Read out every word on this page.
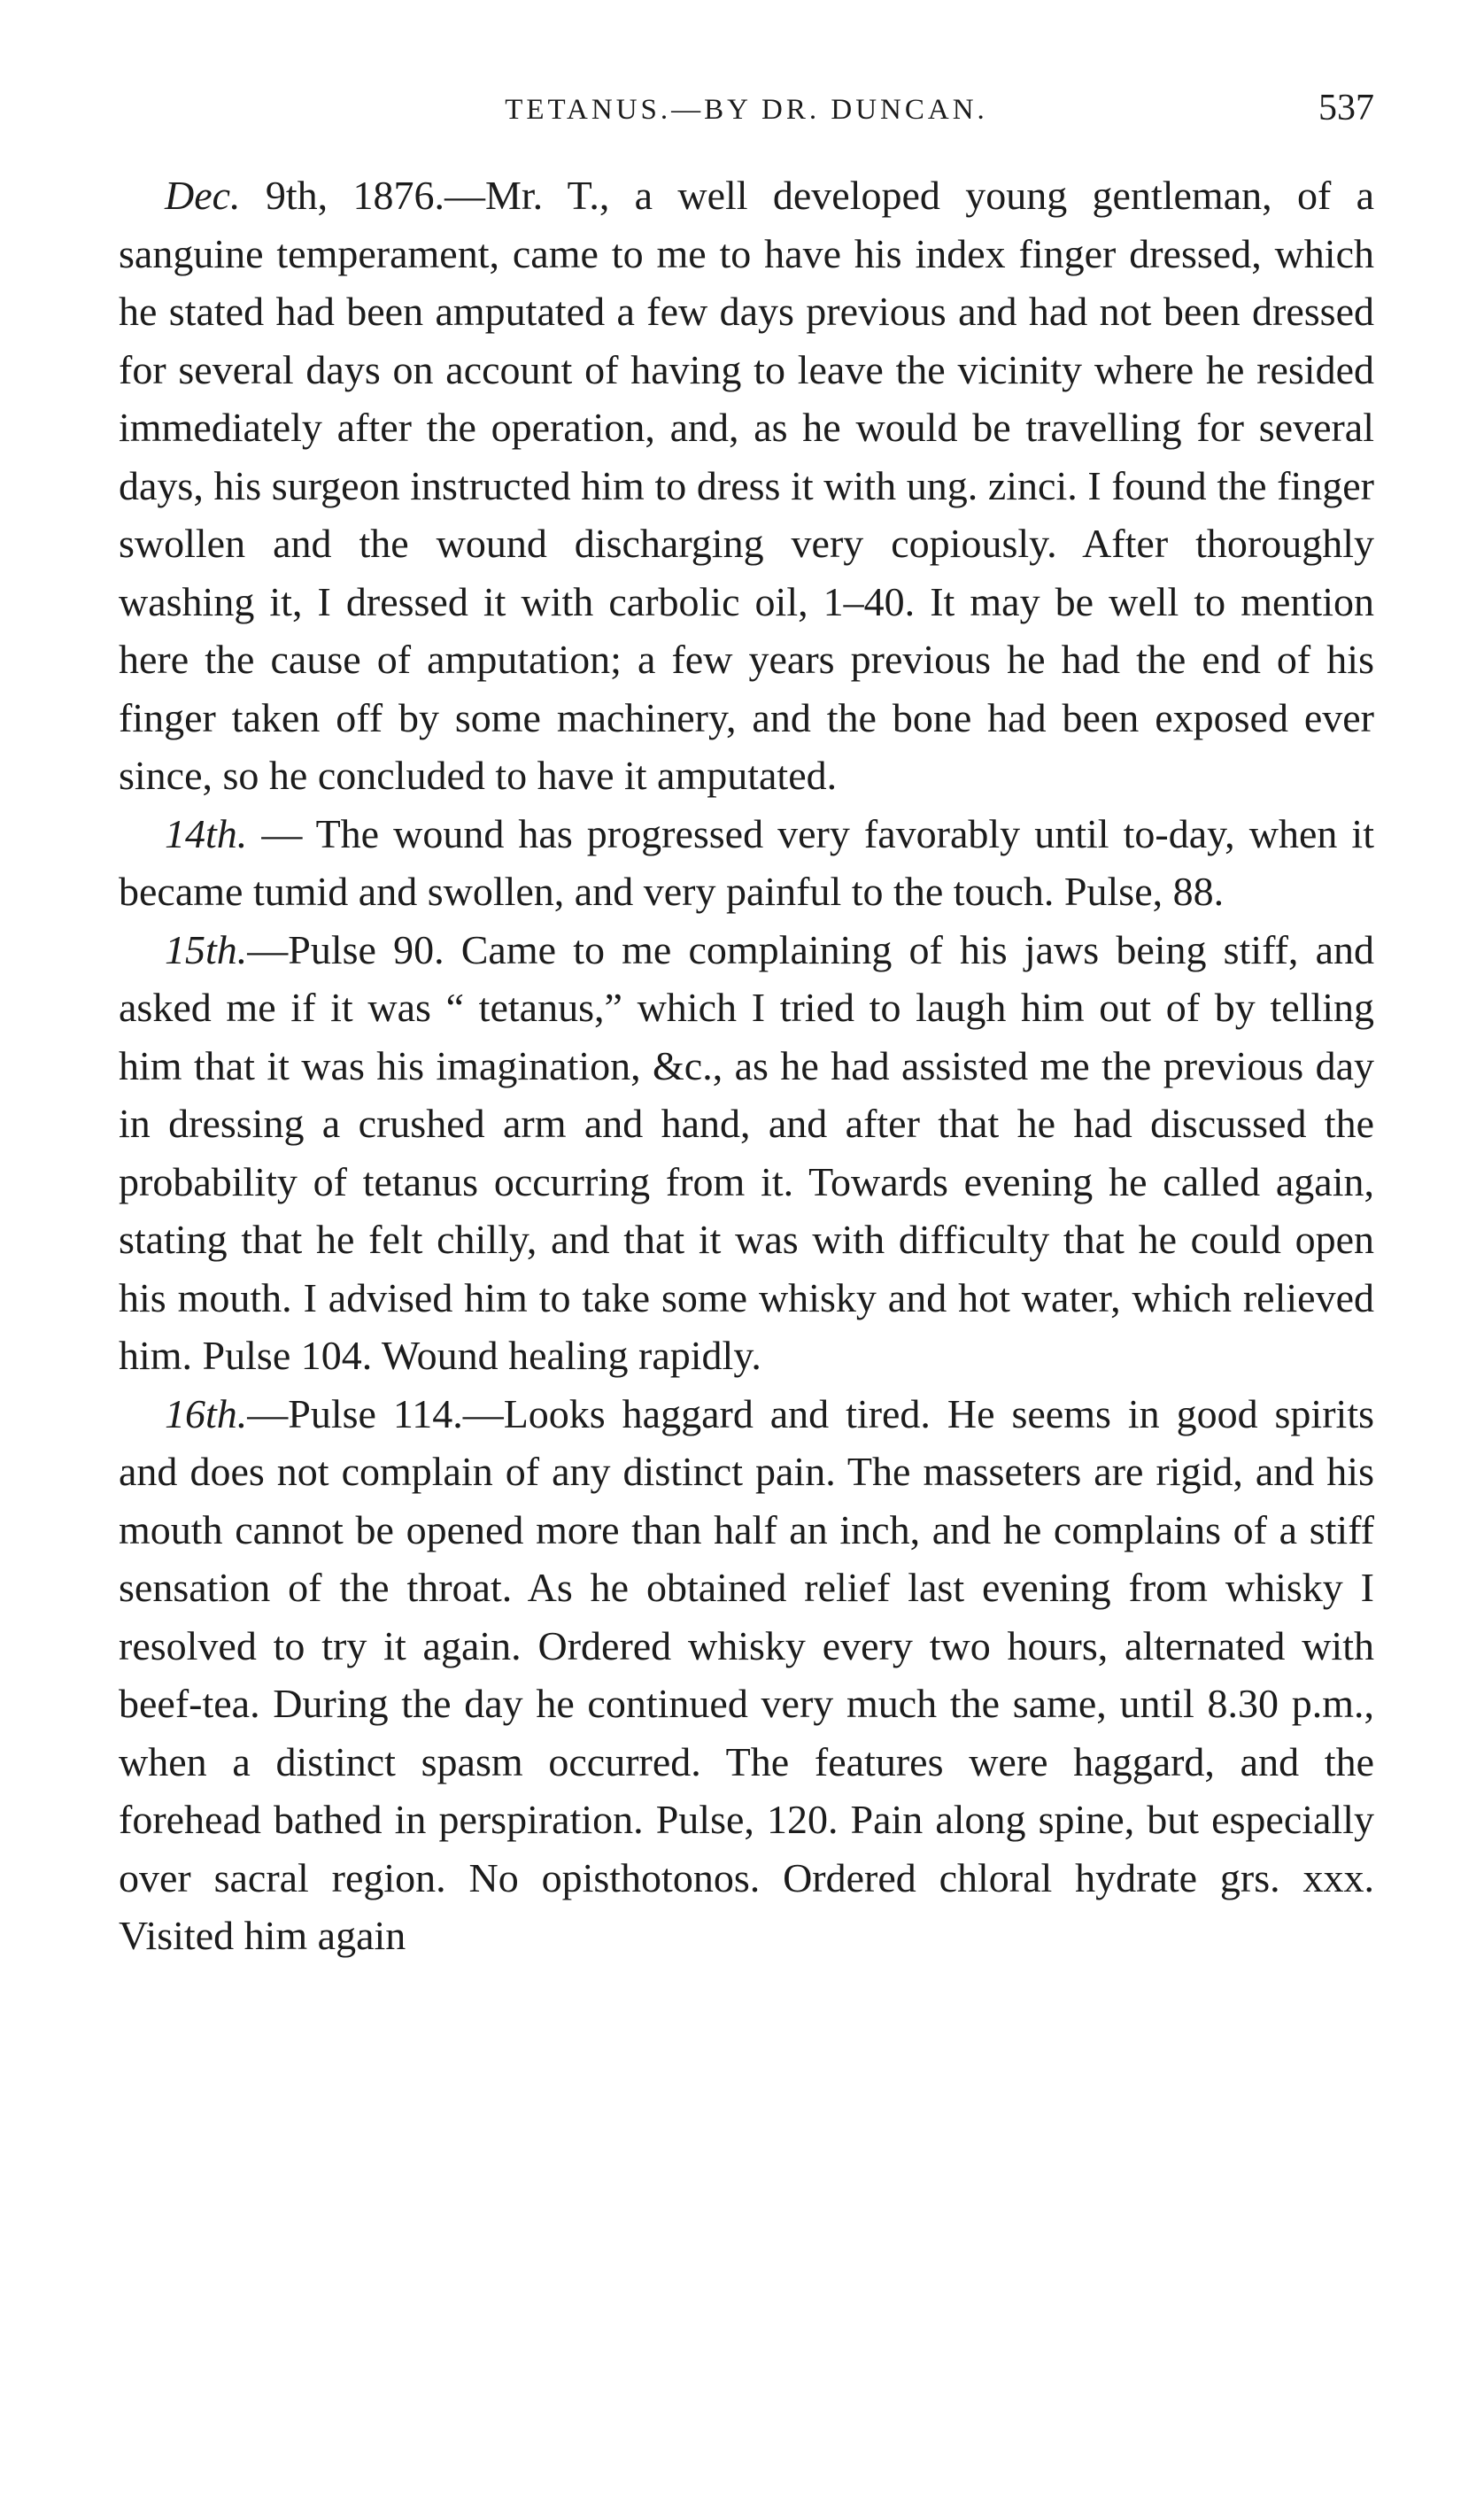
TETANUS.—BY DR. DUNCAN.	537

Dec. 9th, 1876.—Mr. T., a well developed young gentleman, of a sanguine temperament, came to me to have his index finger dressed, which he stated had been amputated a few days previous and had not been dressed for several days on account of having to leave the vicinity where he resided immediately after the operation, and, as he would be travelling for several days, his surgeon instructed him to dress it with ung. zinci. I found the finger swollen and the wound discharging very copiously. After thoroughly washing it, I dressed it with carbolic oil, 1–40. It may be well to mention here the cause of amputation; a few years previous he had the end of his finger taken off by some machinery, and the bone had been exposed ever since, so he concluded to have it amputated.

14th. — The wound has progressed very favorably until to-day, when it became tumid and swollen, and very painful to the touch. Pulse, 88.

15th.—Pulse 90. Came to me complaining of his jaws being stiff, and asked me if it was “ tetanus,” which I tried to laugh him out of by telling him that it was his imagination, &c., as he had assisted me the previous day in dressing a crushed arm and hand, and after that he had discussed the probability of tetanus occurring from it. Towards evening he called again, stating that he felt chilly, and that it was with difficulty that he could open his mouth. I advised him to take some whisky and hot water, which relieved him. Pulse 104. Wound healing rapidly.

16th.—Pulse 114.—Looks haggard and tired. He seems in good spirits and does not complain of any distinct pain. The masseters are rigid, and his mouth cannot be opened more than half an inch, and he complains of a stiff sensation of the throat. As he obtained relief last evening from whisky I resolved to try it again. Ordered whisky every two hours, alternated with beef-tea. During the day he continued very much the same, until 8.30 p.m., when a distinct spasm occurred. The features were haggard, and the forehead bathed in perspiration. Pulse, 120. Pain along spine, but especially over sacral region. No opisthotonos. Ordered chloral hydrate grs. xxx. Visited him again
